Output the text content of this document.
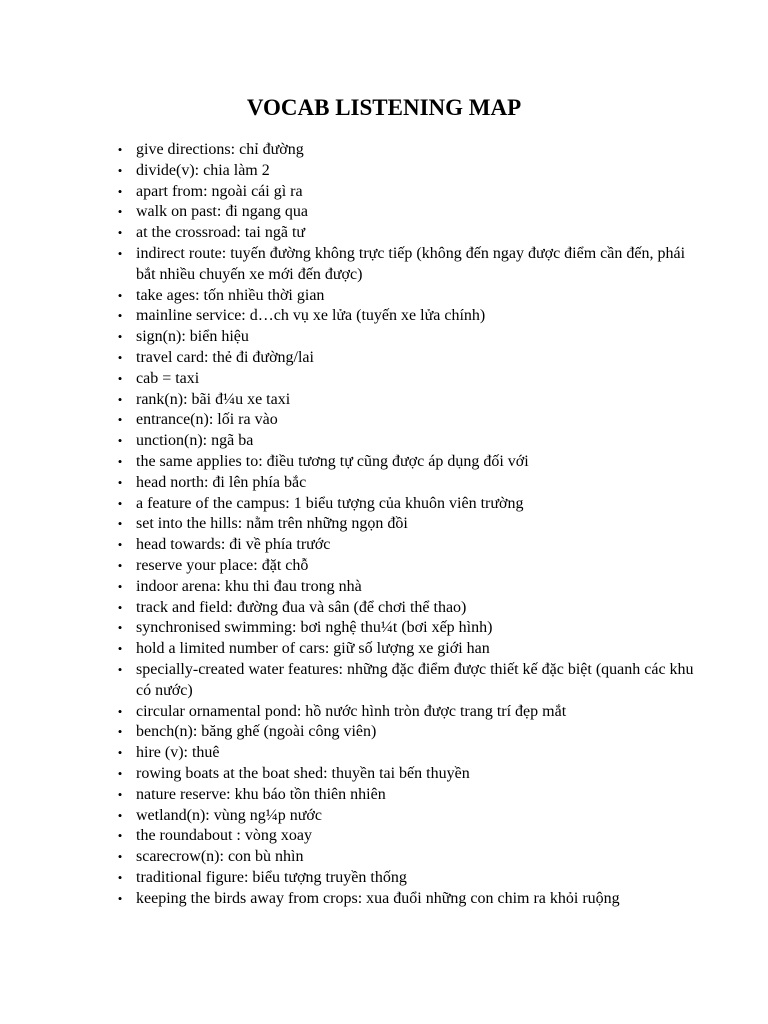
VOCAB LISTENING MAP
• give directions: chỉ đường
• divide(v): chia làm 2
• apart from: ngoài cái gì ra
• walk on past: đi ngang qua
• at the crossroad: tai ngã tư
• indirect route: tuyến đường không trực tiếp (không đến ngay được điểm cần đến, phái bắt nhiều chuyến xe mới đến được)
• take ages: tốn nhiều thời gian
• mainline service: d…ch vụ xe lửa (tuyến xe lửa chính)
• sign(n): biển hiệu
• travel card: thẻ đi đường/lai
• cab = taxi
• rank(n): bãi đ¼u xe taxi
• entrance(n): lối ra vào
• unction(n): ngã ba
• the same applies to: điều tương tự cũng được áp dụng đối với
• head north: đi lên phía bắc
• a feature of the campus: 1 biểu tượng của khuôn viên trường
• set into the hills: nằm trên những ngọn đồi
• head towards: đi về phía trước
• reserve your place: đặt chỗ
• indoor arena: khu thi đau trong nhà
• track and field: đường đua và sân (để chơi thể thao)
• synchronised swimming: bơi nghệ thu¼t (bơi xếp hình)
• hold a limited number of cars: giữ số lượng xe giới han
• specially-created water features: những đặc điểm được thiết kế đặc biệt (quanh các khu có nước)
• circular ornamental pond: hồ nước hình tròn được trang trí đẹp mắt
• bench(n): băng ghế (ngoài công viên)
• hire (v): thuê
• rowing boats at the boat shed: thuyền tai bến thuyền
• nature reserve: khu báo tồn thiên nhiên
• wetland(n): vùng ng¼p nước
• the roundabout : vòng xoay
• scarecrow(n): con bù nhìn
• traditional figure: biểu tượng truyền thống
• keeping the birds away from crops: xua đuổi những con chim ra khỏi ruộng
